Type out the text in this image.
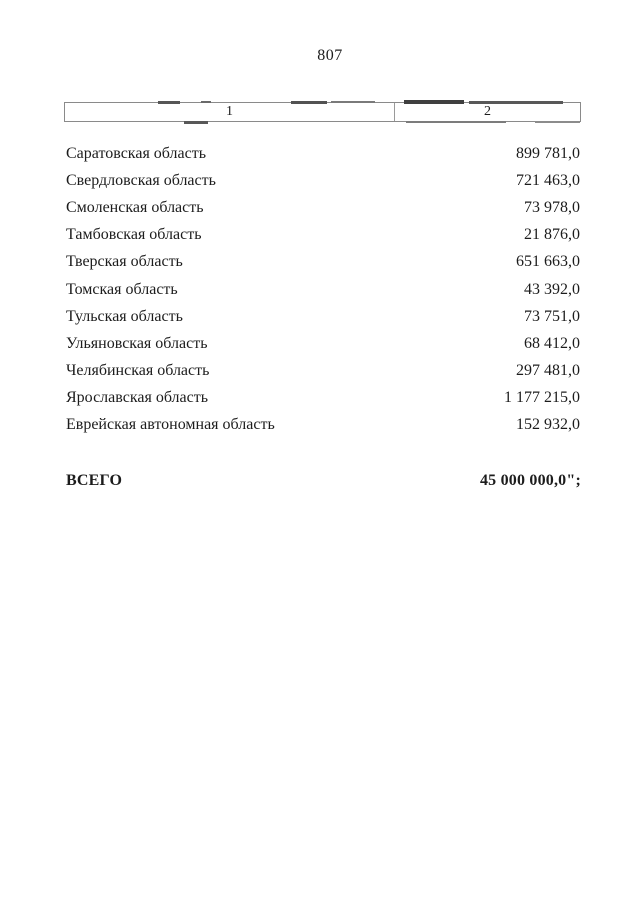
807
1	2
Саратовская область	899 781,0
Свердловская область	721 463,0
Смоленская область	73 978,0
Тамбовская область	21 876,0
Тверская область	651 663,0
Томская область	43 392,0
Тульская область	73 751,0
Ульяновская область	68 412,0
Челябинская область	297 481,0
Ярославская область	1 177 215,0
Еврейская автономная область	152 932,0
ВСЕГО	45 000 000,0";
